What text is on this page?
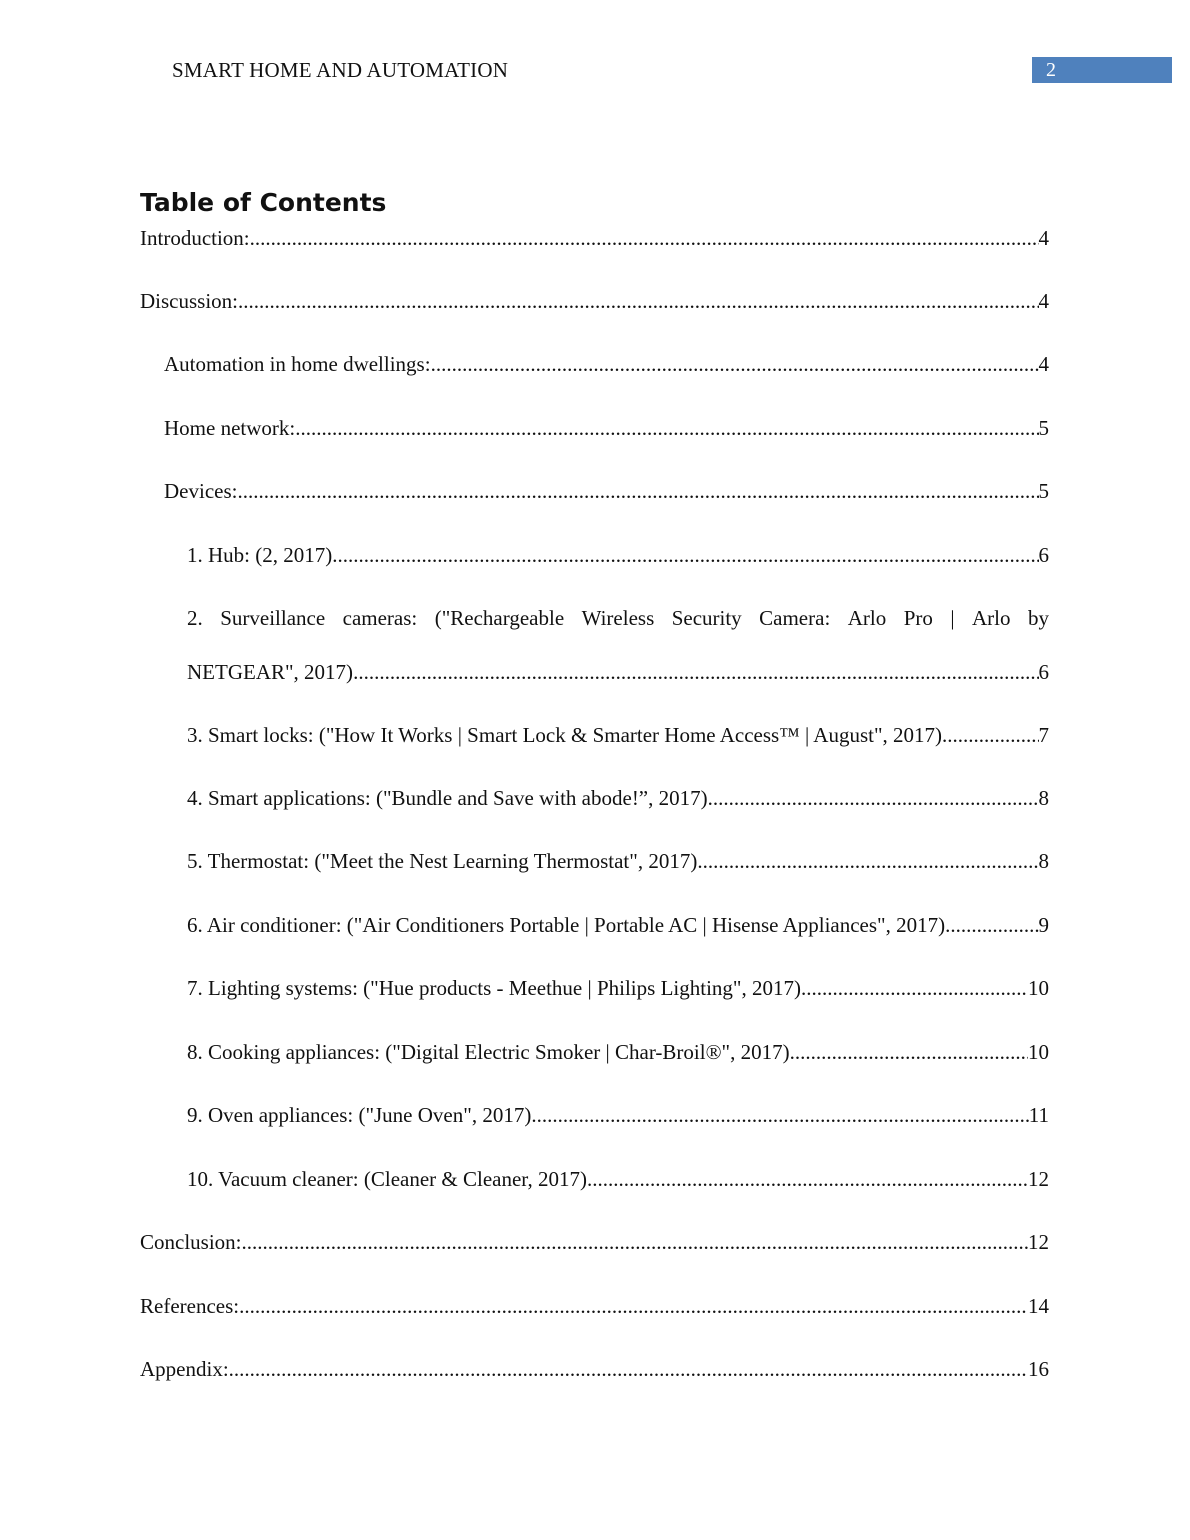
SMART HOME AND AUTOMATION	2
Table of Contents
Introduction: .....	4
Discussion: .....	4
Automation in home dwellings: .....	4
Home network: .....	5
Devices: .....	5
1. Hub: (2, 2017) .....	6
2. Surveillance cameras: ("Rechargeable Wireless Security Camera: Arlo Pro | Arlo by
NETGEAR", 2017) .....	6
3. Smart locks: ("How It Works | Smart Lock & Smarter Home Access™ | August", 2017) .....	7
4. Smart applications: ("Bundle and Save with abode!”, 2017) .....	8
5. Thermostat: ("Meet the Nest Learning Thermostat", 2017) .....	8
6. Air conditioner: ("Air Conditioners Portable | Portable AC | Hisense Appliances", 2017) .....	9
7. Lighting systems: ("Hue products - Meethue | Philips Lighting", 2017) .....	10
8. Cooking appliances: ("Digital Electric Smoker | Char-Broil®", 2017) .....	10
9. Oven appliances: ("June Oven", 2017) .....	11
10. Vacuum cleaner: (Cleaner & Cleaner, 2017) .....	12
Conclusion: .....	12
References: .....	14
Appendix: .....	16
